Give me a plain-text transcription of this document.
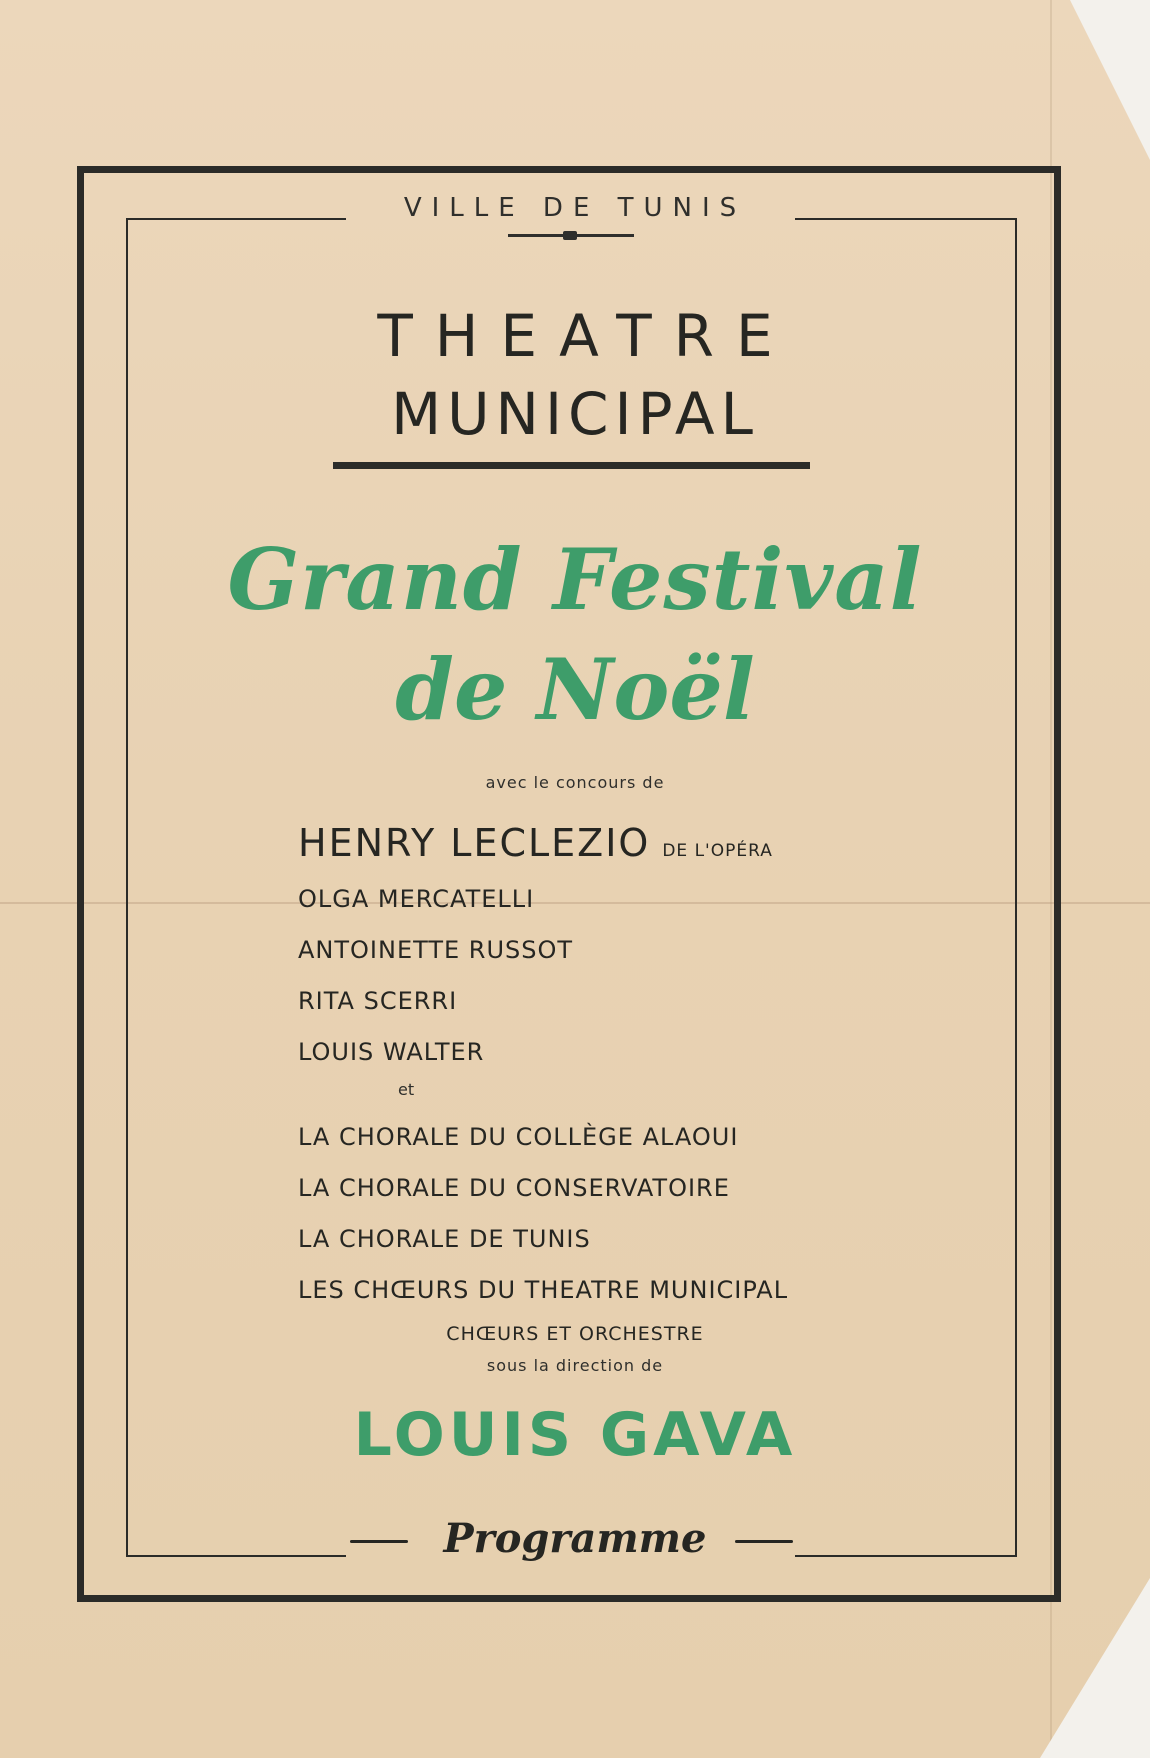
VILLE DE TUNIS

THEATRE

MUNICIPAL

Grand Festival

de Noël

avec le concours de

HENRY LECLEZIO DE L'OPÉRA

OLGA MERCATELLI

ANTOINETTE RUSSOT

RITA SCERRI

LOUIS WALTER

et

LA CHORALE DU COLLÈGE ALAOUI

LA CHORALE DU CONSERVATOIRE

LA CHORALE DE TUNIS

LES CHŒURS DU THEATRE MUNICIPAL

CHŒURS ET ORCHESTRE

sous la direction de

LOUIS GAVA

Programme
